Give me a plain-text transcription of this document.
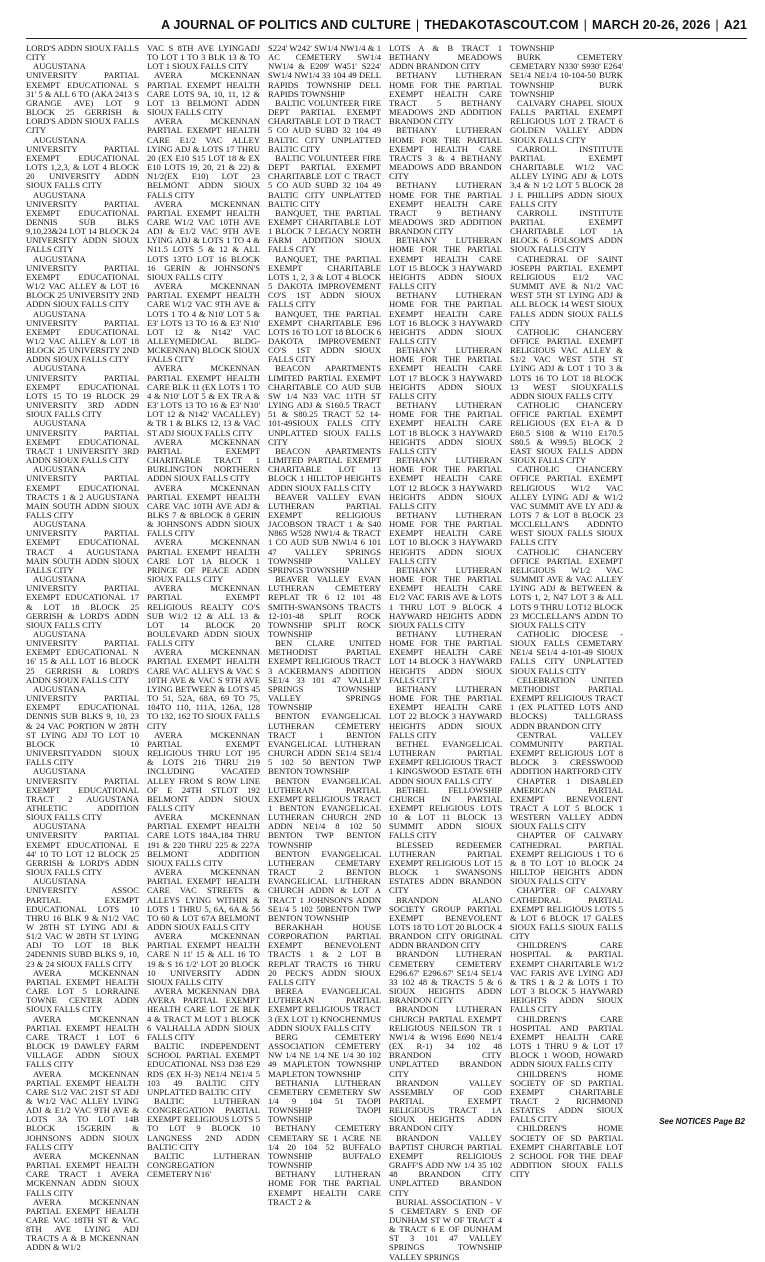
A JOURNAL OF POLITICS AND CULTURE | THEDAKOTASCOUT.COM | MARCH 20-26, 2026 | A21

LORD'S ADDN SIOUX FALLS CITY

AUGUSTANA UNIVERSITY PARTIAL EXEMPT EDUCATIONAL S 31' 5 & ALL 6 TO (AKA 2413 S GRANGE AVE) LOT 9 BLOCK 25 GERRISH & LORD'S ADDN SIOUX FALLS CITY

AUGUSTANA UNIVERSITY PARTIAL EXEMPT EDUCATIONAL LOTS 1,2,3, & LOT 4 BLOCK 20 UNIVERSITY ADDN SIOUX FALLS CITY

AUGUSTANA UNIVERSITY PARTIAL EXEMPT EDUCATIONAL DENNIS SUB BLKS 9,10,23&24 LOT 14 BLOCK 24 UNIVERSITY ADDN SIOUX FALLS CITY

AUGUSTANA UNIVERSITY PARTIAL EXEMPT EDUCATIONAL W1/2 VAC ALLEY & LOT 16 BLOCK 25 UNIVERSITY 2ND ADDN SIOUX FALLS CITY

AUGUSTANA UNIVERSITY PARTIAL EXEMPT EDUCATIONAL W1/2 VAC ALLEY & LOT 18 BLOCK 25 UNIVERSITY 2ND ADDN SIOUX FALLS CITY

AUGUSTANA UNIVERSITY PARTIAL EXEMPT EDUCATIONAL LOTS 15 TO 19 BLOCK 29 UNIVERSITY 3RD ADDN SIOUX FALLS CITY

AUGUSTANA UNIVERSITY PARTIAL EXEMPT EDUCATIONAL TRACT 1 UNIVERSITY 3RD ADDN SIOUX FALLS CITY

AUGUSTANA UNIVERSITY PARTIAL EXEMPT EDUCATIONAL TRACTS 1 & 2 AUGUSTANA MAIN SOUTH ADDN SIOUX FALLS CITY

AUGUSTANA UNIVERSITY PARTIAL EXEMPT EDUCATIONAL TRACT 4 AUGUSTANA MAIN SOUTH ADDN SIOUX FALLS CITY

AUGUSTANA UNIVERSITY PARTIAL EXEMPT EDUCATIONAL 17 & LOT 18 BLOCK 25 GERRISH & LORD'S ADDN SIOUX FALLS CITY

AUGUSTANA UNIVERSITY PARTIAL EXEMPT EDUCATIONAL N 16' 15 & ALL LOT 16 BLOCK 25 GERRISH & LORD'S ADDN SIOUX FALLS CITY

AUGUSTANA UNIVERSITY PARTIAL EXEMPT EDUCATIONAL DENNIS SUB BLKS 9, 10, 23 & 24 VAC PORTION W 28TH ST LYING ADJ TO LOT 10 BLOCK 10 UNIVERSITYADDN SIOUX FALLS CITY

AUGUSTANA UNIVERSITY PARTIAL EXEMPT EDUCATIONAL TRACT 2 AUGUSTANA ATHLETIC ADDITION SIOUX FALLS CITY

AUGUSTANA UNIVERSITY PARTIAL EXEMPT EDUCATIONAL E 44' 10 TO LOT 12 BLOCK 25 GERRISH & LORD'S ADDN SIOUX FALLS CITY

AUGUSTANA UNIVERSITY ASSOC PARTIAL EXEMPT EDUCATIONAL LOTS 10 THRU 16 BLK 9 & N1/2 VAC W 28TH ST LYING ADJ & S1/2 VAC W 28TH ST LYING ADJ TO LOT 18 BLK 24DENNIS SUBD BLKS 9, 10, 23 & 24 SIOUX FALLS CITY

AVERA MCKENNAN PARTIAL EXEMPT HEALTH CARE LOT 5 LORRAINE TOWNE CENTER ADDN SIOUX FALLS CITY

AVERA MCKENNAN PARTIAL EXEMPT HEALTH CARE TRACT 1 LOT 6 BLOCK 19 DAWLEY FARM VILLAGE ADDN SIOUX FALLS CITY

AVERA MCKENNAN PARTIAL EXEMPT HEALTH CARE S1/2 VAC 21ST ST ADJ & W1/2 VAC ALLEY LYING ADJ & E1/2 VAC 9TH AVE & LOTS 3A TO LOT 14B BLOCK 15GERIN & JOHNSON'S ADDN SIOUX FALLS CITY

AVERA MCKENNAN PARTIAL EXEMPT HEALTH CARE TRACT 1 AVERA MCKENNAN ADDN SIOUX FALLS CITY

AVERA MCKENNAN PARTIAL EXEMPT HEALTH CARE VAC 18TH ST & VAC 8TH AVE LYING ADJ TRACTS A & B MCKENNAN ADDN & W1/2

VAC S 8TH AVE LYINGADJ TO LOT 1 TO 3 BLK 13 & TO LOT 1 SIOUX FALLS CITY

AVERA MCKENNAN PARTIAL EXEMPT HEALTH CARE LOTS 9A, 10, 11, 12 & LOT 13 BELMONT ADDN SIOUX FALLS CITY

AVERA MCKENNAN PARTIAL EXEMPT HEALTH CARE E1/2 VAC ALLEY LYING ADJ & LOTS 17 THRU 20 (EX E10 S15 LOT 18 & EX E10 LOTS 19, 20, 21 & 22) & N1/2(EX E10) LOT 23 BELMONT ADDN SIOUX FALLS CITY

AVERA MCKENNAN PARTIAL EXEMPT HEALTH CARE W1/2 VAC 10TH AVE ADJ & E1/2 VAC 9TH AVE LYING ADJ & LOTS 1 TO 4 & N11.5 LOTS 5 & 12 & ALL LOTS 13TO LOT 16 BLOCK 16 GERIN & JOHNSON'S SIOUX FALLS CITY

AVERA MCKENNAN PARTIAL EXEMPT HEALTH CARE W1/2 VAC 9TH AVE & LOTS 1 TO 4 & N10' LOT 5 & E3' LOTS 13 TO 16 & E3' N10' LOT 12 & N142' VAC ALLEY(MEDICAL BLDG-MCKENNAN) BLOCK SIOUX FALLS CITY

AVERA MCKENNAN PARTIAL EXEMPT HEALTH CARE BLK 11 (EX LOTS 1 TO 4 & N10' LOT 5 & EX TR A & E3' LOTS 13 TO 16 & E3' N10' LOT 12 & N142' VACALLEY) & TR 1 & BLKS 12, 13 & VAC ST ADJ SIOUX FALLS CITY

AVERA MCKENNAN PARTIAL EXEMPT CHARITABLE TRACT 1 BURLINGTON NORTHERN ADDN SIOUX FALLS CITY

AVERA MCKENNAN PARTIAL EXEMPT HEALTH CARE VAC 10TH AVE ADJ & BLKS 7 & 8BLOCK 8 GERIN & JOHNSON'S ADDN SIOUX FALLS CITY

AVERA MCKENNAN PARTIAL EXEMPT HEALTH CARE LOT 1A BLOCK 1 PRINCE OF PEACE ADDN SIOUX FALLS CITY

AVERA MCKENNAN PARTIAL EXEMPT RELIGIOUS REALTY CO'S SUB W1/2 12 & ALL 13 & LOT 14 BLOCK 20 BOULEVARD ADDN SIOUX FALLS CITY

AVERA MCKENNAN PARTIAL EXEMPT HEALTH CARE VAC ALLEYS & VAC S 10TH AVE & VAC S 9TH AVE LYING BETWEEN & LOTS 45 TO 51, 52A, 68A, 69 TO 75, 104TO 110, 111A, 126A, 128 TO 132, 162 TO SIOUX FALLS CITY

AVERA MCKENNAN PARTIAL EXEMPT RELIGIOUS THRU LOT 195 & LOTS 216 THRU 219 INCLUDING VACATED ALLEY FROM S ROW LINE OF E 24TH STLOT 192 BELMONT ADDN SIOUX FALLS CITY

AVERA MCKENNAN PARTIAL EXEMPT HEALTH CARE LOTS 184A,184 THRU 191 & 220 THRU 225 & 227A BELMONT ADDITION SIOUX FALLS CITY

AVERA MCKENNAN PARTIAL EXEMPT HEALTH CARE VAC STREETS & ALLEYS LYING WITHIN & LOTS 1 THRU 5, 6A, 6A & 56 TO 60 & LOT 67A BELMONT ADDN SIOUX FALLS CITY

AVERA MCKENNAN PARTIAL EXEMPT HEALTH CARE N 11' 15 & ALL 16 TO 19 & S 16 1/2' LOT 20 BLOCK 10 UNIVERSITY ADDN SIOUX FALLS CITY

AVERA MCKENNAN DBA AVERA PARTIAL EXEMPT HEALTH CARE LOT 2E BLK 4 & TRACT M LOT 1 BLOCK 6 VALHALLA ADDN SIOUX FALLS CITY

BALTIC INDEPENDENT SCHOOL PARTIAL EXEMPT EDUCATIONAL NS3 D38 E29 RDS (EX H-3) NE1/4 NE1/4 5 103 49 BALTIC CITY UNPLATTED BALTIC CITY

BALTIC LUTHERAN CONGREGATION PARTIAL EXEMPT RELIGIOUS LOTS 5 TO LOT 9 BLOCK 10 LANGNESS 2ND ADDN BALTIC CITY

BALTIC LUTHERAN CONGREGATION CEMETERY N16'

S224' W242' SW1/4 NW1/4 & 1 AC CEMETERY SW1/4 NW1/4 & E209' W451' S224' SW1/4 NW1/4 33 104 49 DELL RAPIDS TOWNSHIP DELL RAPIDS TOWNSHIP

BALTIC VOLUNTEER FIRE DEPT PARTIAL EXEMPT CHARITABLE LOT D TRACT 5 CO AUD SUBD 32 104 49 BALTIC CITY UNPLATTED BALTIC CITY

BALTIC VOLUNTEER FIRE DEPT PARTIAL EXEMPT CHARITABLE LOT C TRACT 5 CO AUD SUBD 32 104 49 BALTIC CITY UNPLATTED BALTIC CITY

BANQUET, THE PARTIAL EXEMPT CHARITABLE LOT 1 BLOCK 7 LEGACY NORTH FARM ADDITION SIOUX FALLS CITY

BANQUET, THE PARTIAL EXEMPT CHARITABLE LOTS 1, 2, 3 & LOT 4 BLOCK 5 DAKOTA IMPROVEMENT CO'S 1ST ADDN SIOUX FALLS CITY

BANQUET, THE PARTIAL EXEMPT CHARITABLE E96 LOTS 16 TO LOT 18 BLOCK 6 DAKOTA IMPROVEMENT CO'S 1ST ADDN SIOUX FALLS CITY

BEACON APARTMENTS LIMITED PARTIAL EXEMPT CHARITABLE CO AUD SUB SW 1/4 N33 VAC 11TH ST LYING ADJ & S160.5 TRACT 51 & S80.25 TRACT 52 14-101-49SIOUX FALLS CITY UNPLATTED SIOUX FALLS CITY

BEACON APARTMENTS LIMITED PARTIAL EXEMPT CHARITABLE LOT 13 BLOCK 1 HILLTOP HEIGHTS ADDN SIOUX FALLS CITY

BEAVER VALLEY EVAN LUTHERAN PARTIAL EXEMPT RELIGIOUS JACOBSON TRACT 1 & S40 N865 W528 NW1/4 & TRACT 1 CO AUD SUB NW1/4 6 101 47 VALLEY SPRINGS TOWNSHIP VALLEY SPRINGS TOWNSHIP

BEAVER VALLEY EVAN LUTHERAN CEMETERY REPLAT TR 6 12 101 48 SMITH-SWANSONS TRACTS 12-101-48 SPLIT ROCK TOWNSHIP SPLIT ROCK TOWNSHIP

BEN CLARE UNITED METHODIST PARTIAL EXEMPT RELIGIOUS TRACT 3 ACKERMAN'S ADDITION SE1/4 33 101 47 VALLEY SPRINGS TOWNSHIP VALLEY SPRINGS TOWNSHIP

BENTON EVANGELICAL LUTHERAN CEMETERY TRACT 1 BENTON EVANGELICAL LUTHERAN CHURCH ADDN SE1/4 SE1/4 5 102 50 BENTON TWP BENTON TOWNSHIP

BENTON EVANGELICAL LUTHERAN PARTIAL EXEMPT RELIGIOUS TRACT 1 BENTON EVANGELICAL LUTHERAN CHURCH 2ND ADDN NE1/4 8 102 50 BENTON TWP BENTON TOWNSHIP

BENTON EVANGELICAL LUTHERAN CEMETARY TRACT 2 BENTON EVANGELICAL LUTHERAN CHURCH ADDN & LOT A TRACT 1 JOHNSON'S ADDN SE1/4 5 102 50BENTON TWP BENTON TOWNSHIP

BERAKHAH HOUSE CORPORATION PARTIAL EXEMPT BENEVOLENT TRACTS 1 & 2 LOT B REPLAT TRACTS 16 THRU 20 PECK'S ADDN SIOUX FALLS CITY

BEREA EVANGELICAL LUTHERAN PARTIAL EXEMPT RELIGIOUS TRACT 3 (EX LOT 1) KNOCHENMUS ADDN SIOUX FALLS CITY

BERG CEMETERY ASSOCIATION CEMETERY NW 1/4 NE 1/4 NE 1/4 30 102 49 MAPLETON TOWNSHIP MAPLETON TOWNSHIP

BETHANIA LUTHERAN CEMETERY CEMETERY SW 1/4 9 104 51 TAOPI TOWNSHIP TAOPI TOWNSHIP

BETHANY CEMETERY CEMETARY SE 1 ACRE NE 1/4 20 104 52 BUFFALO TOWNSHIP BUFFALO TOWNSHIP

BETHANY LUTHERAN HOME FOR THE PARTIAL EXEMPT HEALTH CARE TRACT 2 &

LOTS A & B TRACT 1 BETHANY MEADOWS ADDN BRANDON CITY

BETHANY LUTHERAN HOME FOR THE PARTIAL EXEMPT HEALTH CARE TRACT 5 BETHANY MEADOWS 2ND ADDITION BRANDON CITY

BETHANY LUTHERAN HOME FOR THE PARTIAL EXEMPT HEALTH CARE TRACTS 3 & 4 BETHANY MEADOWS ADD BRANDON CITY

BETHANY LUTHERAN HOME FOR THE PARTIAL EXEMPT HEALTH CARE TRACT 9 BETHANY MEADOWS 3RD ADDITION BRANDON CITY

BETHANY LUTHERAN HOME FOR THE PARTIAL EXEMPT HEALTH CARE LOT 15 BLOCK 3 HAYWARD HEIGHTS ADDN SIOUX FALLS CITY

BETHANY LUTHERAN HOME FOR THE PARTIAL EXEMPT HEALTH CARE LOT 16 BLOCK 3 HAYWARD HEIGHTS ADDN SIOUX FALLS CITY

BETHANY LUTHERAN HOME FOR THE PARTIAL EXEMPT HEALTH CARE LOT 17 BLOCK 3 HAYWARD HEIGHTS ADDN SIOUX FALLS CITY

BETHANY LUTHERAN HOME FOR THE PARTIAL EXEMPT HEALTH CARE LOT 18 BLOCK 3 HAYWARD HEIGHTS ADDN SIOUX FALLS CITY

BETHANY LUTHERAN HOME FOR THE PARTIAL EXEMPT HEALTH CARE LOT 12 BLOCK 3 HAYWARD HEIGHTS ADDN SIOUX FALLS CITY

BETHANY LUTHERAN HOME FOR THE PARTIAL EXEMPT HEALTH CARE LOT 10 BLOCK 3 HAYWARD HEIGHTS ADDN SIOUX FALLS CITY

BETHANY LUTHERAN HOME FOR THE PARTIAL EXEMPT HEALTH CARE E1/2 VAC FARIS AVE & LOTS 1 THRU LOT 9 BLOCK 4 HAYWARD HEIGHTS ADDN SIOUX FALLS CITY

BETHANY LUTHERAN HOME FOR THE PARTIAL EXEMPT HEALTH CARE LOT 14 BLOCK 3 HAYWARD HEIGHTS ADDN SIOUX FALLS CITY

BETHANY LUTHERAN HOME FOR THE PARTIAL EXEMPT HEALTH CARE LOT 22 BLOCK 3 HAYWARD HEIGHTS ADDN SIOUX FALLS CITY

BETHEL EVANGELICAL LUTHERAN PARTIAL EXEMPT RELIGIOUS TRACT 1 KINGSWOOD ESTATE 6TH ADDN SIOUX FALLS CITY

BETHEL FELLOWSHIP CHURCH IN PARTIAL EXEMPT RELIGIOUS LOTS 10 & LOT 11 BLOCK 13 SUMMIT ADDN SIOUX FALLS CITY

BLESSED REDEEMER LUTHERAN PARTIAL EXEMPT RELIGIOUS LOT 15 BLOCK 1 SWANSONS ESTATES ADDN BRANDON CITY

BRANDON ALANO SOCIETY GROUP PARTIAL EXEMPT BENEVOLENT LOTS 18 TO LOT 20 BLOCK 4 BRANDON CITY ORIGINAL ADDN BRANDON CITY

BRANDON LUTHERAN CEMETERY CEMETERY E296.67' E296.67' SE1/4 SE1/4 33 102 48 & TRACTS 5 & 6 SIOUX HEIGHTS ADDN BRANDON CITY

BRANDON LUTHERAN CHURCH PARTIAL EXEMPT RELIGIOUS NEILSON TR 1 NW1/4 & W196 E690 NE1/4 (EX R-1) 34 102 48 BRANDON CITY UNPLATTED BRANDON CITY

BRANDON VALLEY ASSEMBLY OF GOD PARTIAL EXEMPT RELIGIOUS TRACT 1A SIOUX HEIGHTS ADDN BRANDON CITY

BRANDON VALLEY BAPTIST CHURCH PARTIAL EXEMPT RELIGIOUS GRAFF'S ADD NW 1/4 35 102 48 BRANDON CITY UNPLATTED BRANDON CITY

BURIAL ASSOCIATION - V S CEMETARY S END OF DUNHAM ST W OF TRACT 4 & TRACT 6 E OF DUNHAM ST 3 101 47 VALLEY SPRINGS TOWNSHIP VALLEY SPRINGS

TOWNSHIP

BURK CEMETERY CEMETARY N330' S930' E264' SE1/4 NE1/4 10-104-50 BURK TOWNSHIP BURK TOWNSHIP

CALVARY CHAPEL SIOUX FALLS PARTIAL EXEMPT RELIGIOUS LOT 2 TRACT 6 GOLDEN VALLEY ADDN SIOUX FALLS CITY

CARROLL INSTITUTE PARTIAL EXEMPT CHARITABLE W1/2 VAC ALLEY LYING ADJ & LOTS 3,4 & N 1/2 LOT 5 BLOCK 28 J L PHILLIPS ADDN SIOUX FALLS CITY

CARROLL INSTITUTE PARTIAL EXEMPT CHARITABLE LOT 1A BLOCK 6 FOLSOM'S ADDN SIOUX FALLS CITY

CATHEDRAL OF SAINT JOSEPH PARTIAL EXEMPT RELIGIOUS E1/2 VAC SUMMIT AVE & N1/2 VAC WEST 5TH ST LYING ADJ & ALL BLOCK 14 WEST SIOUX FALLS ADDN SIOUX FALLS CITY

CATHOLIC CHANCERY OFFICE PARTIAL EXEMPT RELIGIOUS VAC ALLEY & S1/2 VAC WEST 5TH ST LYING ADJ & LOT 1 TO 3 & LOTS 16 TO LOT 18 BLOCK 13 WEST SIOUXFALLS ADDN SIOUX FALLS CITY

CATHOLIC CHANCERY OFFICE PARTIAL EXEMPT RELIGIOUS (EX E1-A & D E60.5 S108 & W110 E170.5 S80.5 & W99.5) BLOCK 2 EAST SIOUX FALLS ADDN SIOUX FALLS CITY

CATHOLIC CHANCERY OFFICE PARTIAL EXEMPT RELIGIOUS W1/2 VAC ALLEY LYING ADJ & W1/2 VAC SUMMIT AVE LY ADJ & LOTS 7 & LOT 8 BLOCK 23 MCCLELLAN'S ADDNTO WEST SIOUX FALLS SIOUX FALLS CITY

CATHOLIC CHANCERY OFFICE PARTIAL EXEMPT RELIGIOUS W1/2 VAC SUMMIT AVE & VAC ALLEY LYING ADJ & BETWEEN & LOTS 1, 2, N47 LOT 3 & ALL LOTS 9 THRU LOT12 BLOCK 23 MCCLELLAN'S ADDN TO SIOUX FALLS CITY

CATHOLIC DIOCESE - SIOUX FALLS CEMETARY NE1/4 SE1/4 4-101-49 SIOUX FALLS CITY UNPLATTED SIOUX FALLS CITY

CELEBRATION UNITED METHODIST PARTIAL EXEMPT RELIGIOUS TRACT 1 (EX PLATTED LOTS AND BLOCKS) TALLGRASS ADDN BRANDON CITY

CENTRAL VALLEY COMMUNITY PARTIAL EXEMPT RELIGIOUS LOT 8 BLOCK 3 CRESSWOOD ADDITION HARTFORD CITY

CHAPTER 1 DISABLED AMERICAN PARTIAL EXEMPT BENEVOLENT TRACT A LOT 5 BLOCK 1 WESTERN VALLEY ADDN SIOUX FALLS CITY

CHAPTER OF CALVARY CATHEDRAL PARTIAL EXEMPT RELIGIOUS 1 TO 6 & 8 TO LOT 10 BLOCK 24 HILLTOP HEIGHTS ADDN SIOUX FALLS CITY

CHAPTER OF CALVARY CATHEDRAL PARTIAL EXEMPT RELIGIOUS LOTS 5 & LOT 6 BLOCK 17 GALES SIOUX FALLS SIOUX FALLS CITY

CHILDREN'S CARE HOSPITAL & PARTIAL EXEMPT CHARITABLE W1/2 VAC FARIS AVE LYING ADJ & TRS 1 & 2 & LOTS 1 TO LOT 3 BLOCK 5 HAYWARD HEIGHTS ADDN SIOUX FALLS CITY

CHILDREN'S CARE HOSPITAL AND PARTIAL EXEMPT HEALTH CARE LOTS 1 THRU 9 & LOT 17 BLOCK 1 WOOD, HOWARD ADDN SIOUX FALLS CITY

CHILDREN'S HOME SOCIETY OF SD PARTIAL EXEMPT CHARITABLE TRACT 2 RICHMOND ESTATES ADDN SIOUX FALLS CITY

CHILDREN'S HOME SOCIETY OF SD PARTIAL EXEMPT CHARITABLE LOT 2 SCHOOL FOR THE DEAF ADDITION SIOUX FALLS CITY

See NOTICES Page B2
